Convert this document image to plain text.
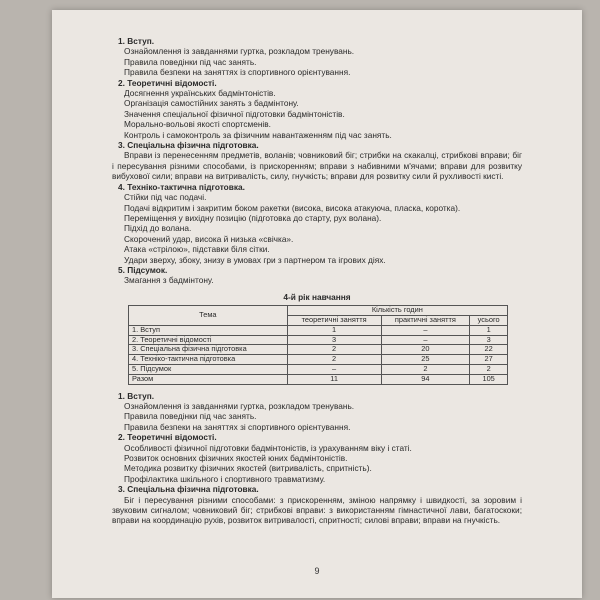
1. Вступ.
Ознайомлення із завданнями гуртка, розкладом тренувань.
Правила поведінки під час занять.
Правила безпеки на заняттях із спортивного орієнтування.
2. Теоретичні відомості.
Досягнення українських бадмінтоністів.
Організація самостійних занять з бадмінтону.
Значення спеціальної фізичної підготовки бадмінтоністів.
Морально-вольові якості спортсменів.
Контроль і самоконтроль за фізичним навантаженням під час занять.
3. Спеціальна фізична підготовка.
Вправи із перенесенням предметів, воланів; човниковий біг; стрибки на скакалці, стрибкові вправи; біг і пересування різними способами, із прискоренням; вправи з набивними м'ячами; вправи для розвитку вибухової сили; вправи на витривалість, силу, гнучкість; вправи для розвитку сили й рухливості кисті.
4. Техніко-тактична підготовка.
Стійки під час подачі.
Подачі відкритим і закритим боком ракетки (висока, висока атакуюча, пласка, коротка).
Переміщення у вихідну позицію (підготовка до старту, рух волана).
Підхід до волана.
Скорочений удар, висока й низька «свічка».
Атака «стрілою», підставки біля сітки.
Удари зверху, збоку, знизу в умовах гри з партнером та ігрових діях.
5. Підсумок.
Змагання з бадмінтону.
4-й рік навчання
Тема	Кількість годин		
	теоретичні заняття	практичні заняття	усього
1. Вступ	1	–	1
2. Теоретичні відомості	3	–	3
3. Спеціальна фізична підготовка	2	20	22
4. Техніко-тактична підготовка	2	25	27
5. Підсумок	–	2	2
Разом	11	94	105
1. Вступ.
Ознайомлення із завданнями гуртка, розкладом тренувань.
Правила поведінки під час занять.
Правила безпеки на заняттях зі спортивного орієнтування.
2. Теоретичні відомості.
Особливості фізичної підготовки бадмінтоністів, із урахуванням віку і статі.
Розвиток основних фізичних якостей юних бадмінтоністів.
Методика розвитку фізичних якостей (витривалість, спритність).
Профілактика шкільного і спортивного травматизму.
3. Спеціальна фізична підготовка.
Біг і пересування різними способами: з прискоренням, зміною напрямку і швидкості, за зоровим і звуковим сигналом; човниковий біг; стрибкові вправи: з використанням гімнастичної лави, багатоскоки; вправи на координацію рухів, розвиток витривалості, спритності; силові вправи; вправи на гнучкість.
9
